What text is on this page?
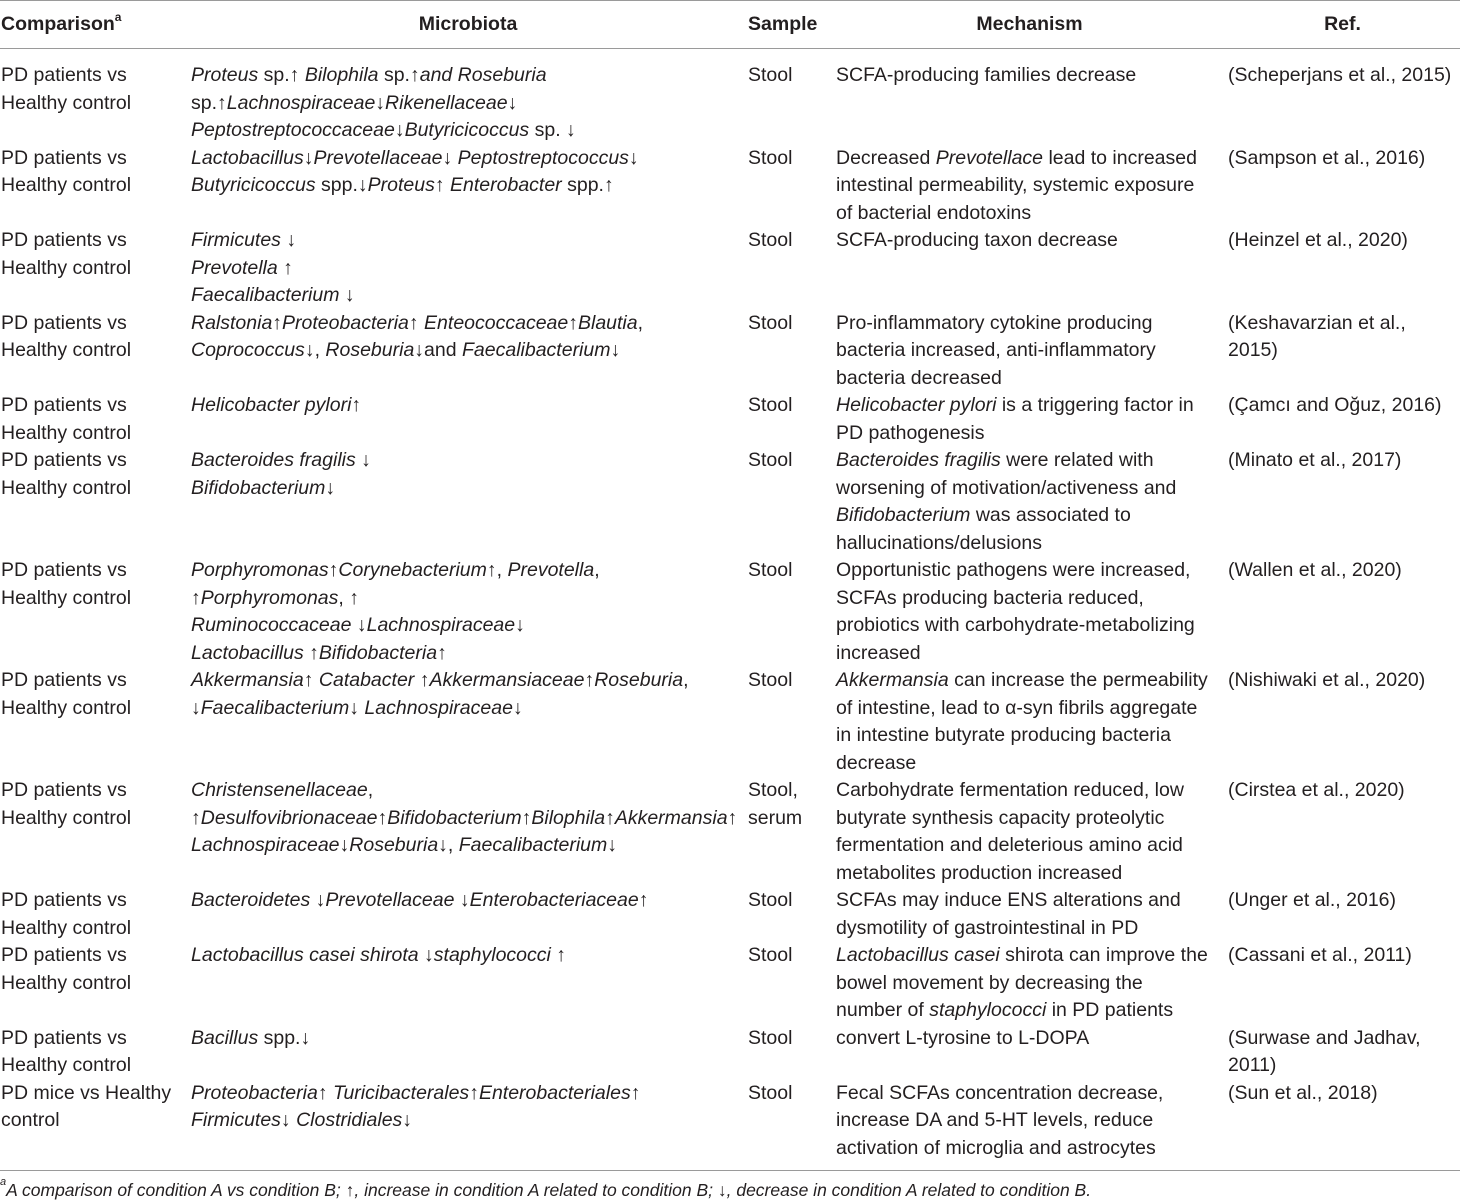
Comparison$^a$	Microbiota	Sample	Mechanism	Ref.
PD patients vs
Healthy control	Proteus sp.↑ Bilophila sp.↑and Roseburia
sp.↑Lachnospiraceae↓Rikenellaceae↓
Peptostreptococcaceae↓Butyricicoccus sp. ↓	Stool	SCFA-producing families decrease	(Scheperjans et al., 2015)
PD patients vs
Healthy control	Lactobacillus↓Prevotellaceae↓ Peptostreptococcus↓
Butyricicoccus spp.↓Proteus↑ Enterobacter spp.↑	Stool	Decreased Prevotellace lead to increased
intestinal permeability, systemic exposure
of bacterial endotoxins	(Sampson et al., 2016)
PD patients vs
Healthy control	Firmicutes ↓
Prevotella ↑
Faecalibacterium ↓	Stool	SCFA-producing taxon decrease	(Heinzel et al., 2020)
PD patients vs
Healthy control	Ralstonia↑Proteobacteria↑ Enteococcaceae↑Blautia,
Coprococcus↓, Roseburia↓and Faecalibacterium↓	Stool	Pro-inflammatory cytokine producing
bacteria increased, anti-inflammatory
bacteria decreased	(Keshavarzian et al., 2015)
PD patients vs
Healthy control	Helicobacter pylori↑	Stool	Helicobacter pylori is a triggering factor in
PD pathogenesis	(Çamcı and Oğuz, 2016)
PD patients vs
Healthy control	Bacteroides fragilis ↓
Bifidobacterium↓	Stool	Bacteroides fragilis were related with
worsening of motivation/activeness and
Bifidobacterium was associated to
hallucinations/delusions	(Minato et al., 2017)
PD patients vs
Healthy control	Porphyromonas↑Corynebacterium↑, Prevotella,
↑Porphyromonas, ↑
Ruminococcaceae ↓Lachnospiraceae↓
Lactobacillus ↑Bifidobacteria↑	Stool	Opportunistic pathogens were increased,
SCFAs producing bacteria reduced,
probiotics with carbohydrate-metabolizing
increased	(Wallen et al., 2020)
PD patients vs
Healthy control	Akkermansia↑ Catabacter ↑Akkermansiaceae↑Roseburia,
↓Faecalibacterium↓ Lachnospiraceae↓	Stool	Akkermansia can increase the permeability
of intestine, lead to α-syn fibrils aggregate
in intestine butyrate producing bacteria
decrease	(Nishiwaki et al., 2020)
PD patients vs
Healthy control	Christensenellaceae,
↑Desulfovibrionaceae↑Bifidobacterium↑Bilophila↑Akkermansia↑
Lachnospiraceae↓Roseburia↓, Faecalibacterium↓	Stool,
serum	Carbohydrate fermentation reduced, low
butyrate synthesis capacity proteolytic
fermentation and deleterious amino acid
metabolites production increased	(Cirstea et al., 2020)
PD patients vs
Healthy control	Bacteroidetes ↓Prevotellaceae ↓Enterobacteriaceae↑	Stool	SCFAs may induce ENS alterations and
dysmotility of gastrointestinal in PD	(Unger et al., 2016)
PD patients vs
Healthy control	Lactobacillus casei shirota ↓staphylococci ↑	Stool	Lactobacillus casei shirota can improve the
bowel movement by decreasing the
number of staphylococci in PD patients	(Cassani et al., 2011)
PD patients vs
Healthy control	Bacillus spp.↓	Stool	convert L-tyrosine to L-DOPA	(Surwase and Jadhav,
2011)
PD mice vs Healthy
control	Proteobacteria↑ Turicibacterales↑Enterobacteriales↑
Firmicutes↓ Clostridiales↓	Stool	Fecal SCFAs concentration decrease,
increase DA and 5-HT levels, reduce
activation of microglia and astrocytes	(Sun et al., 2018)
$^a$A comparison of condition A vs condition B; ↑, increase in condition A related to condition B; ↓, decrease in condition A related to condition B.
